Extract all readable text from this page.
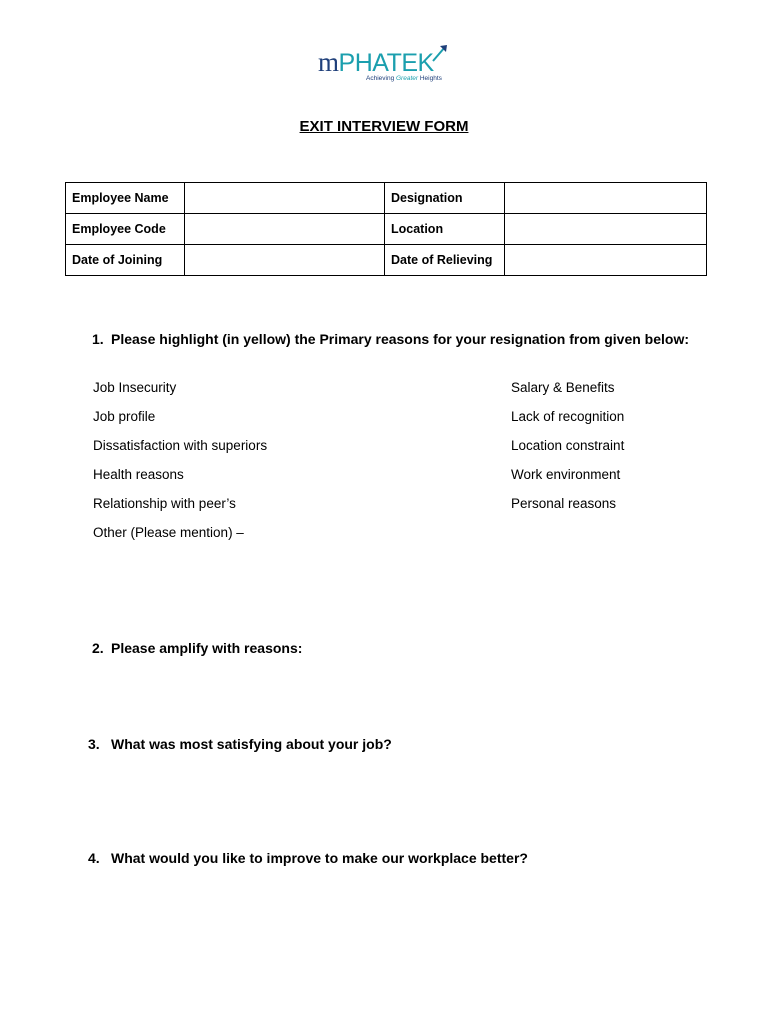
mPHATEK
Achieving Greater Heights
EXIT INTERVIEW FORM
Employee Name		Designation	
Employee Code		Location	
Date of Joining		Date of Relieving	
1. Please highlight (in yellow) the Primary reasons for your resignation from given below:
Job Insecurity
Job profile
Dissatisfaction with superiors
Health reasons
Relationship with peer’s
Other (Please mention) –
Salary & Benefits
Lack of recognition
Location constraint
Work environment
Personal reasons
2. Please amplify with reasons:
3. What was most satisfying about your job?
4. What would you like to improve to make our workplace better?
